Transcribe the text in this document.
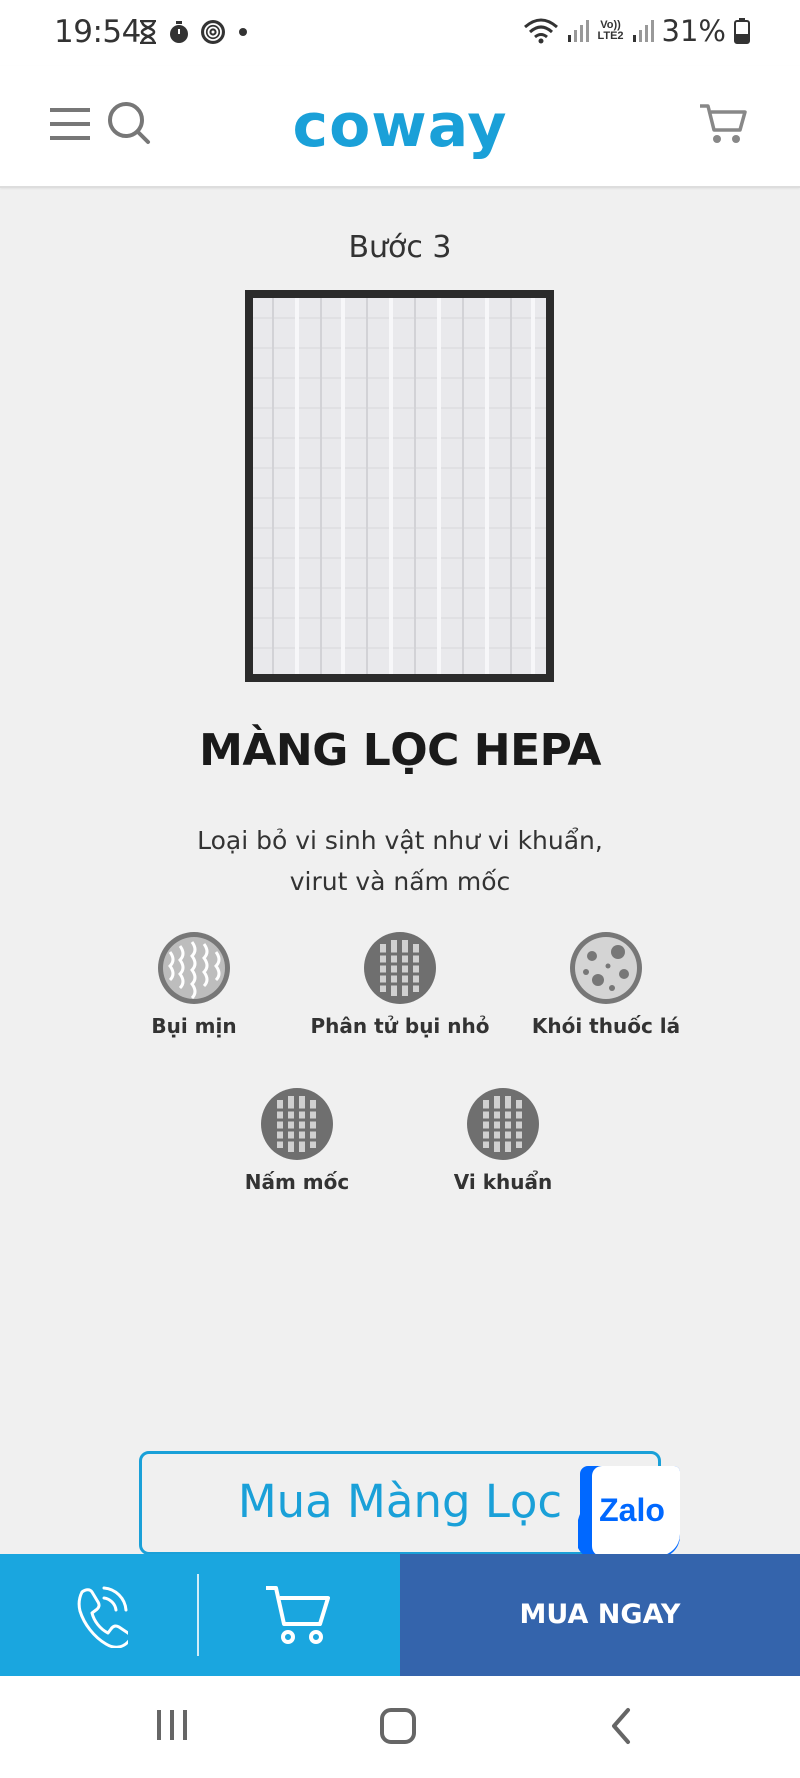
19:54	Vo))
LTE2 31%
coway
Bước 3
MÀNG LỌC HEPA
Loại bỏ vi sinh vật như vi khuẩn,
virut và nấm mốc
Bụi mịn	Phân tử bụi nhỏ	Khói thuốc lá
Nấm mốc	Vi khuẩn
Mua Màng Lọc	Zalo
MUA NGAY
